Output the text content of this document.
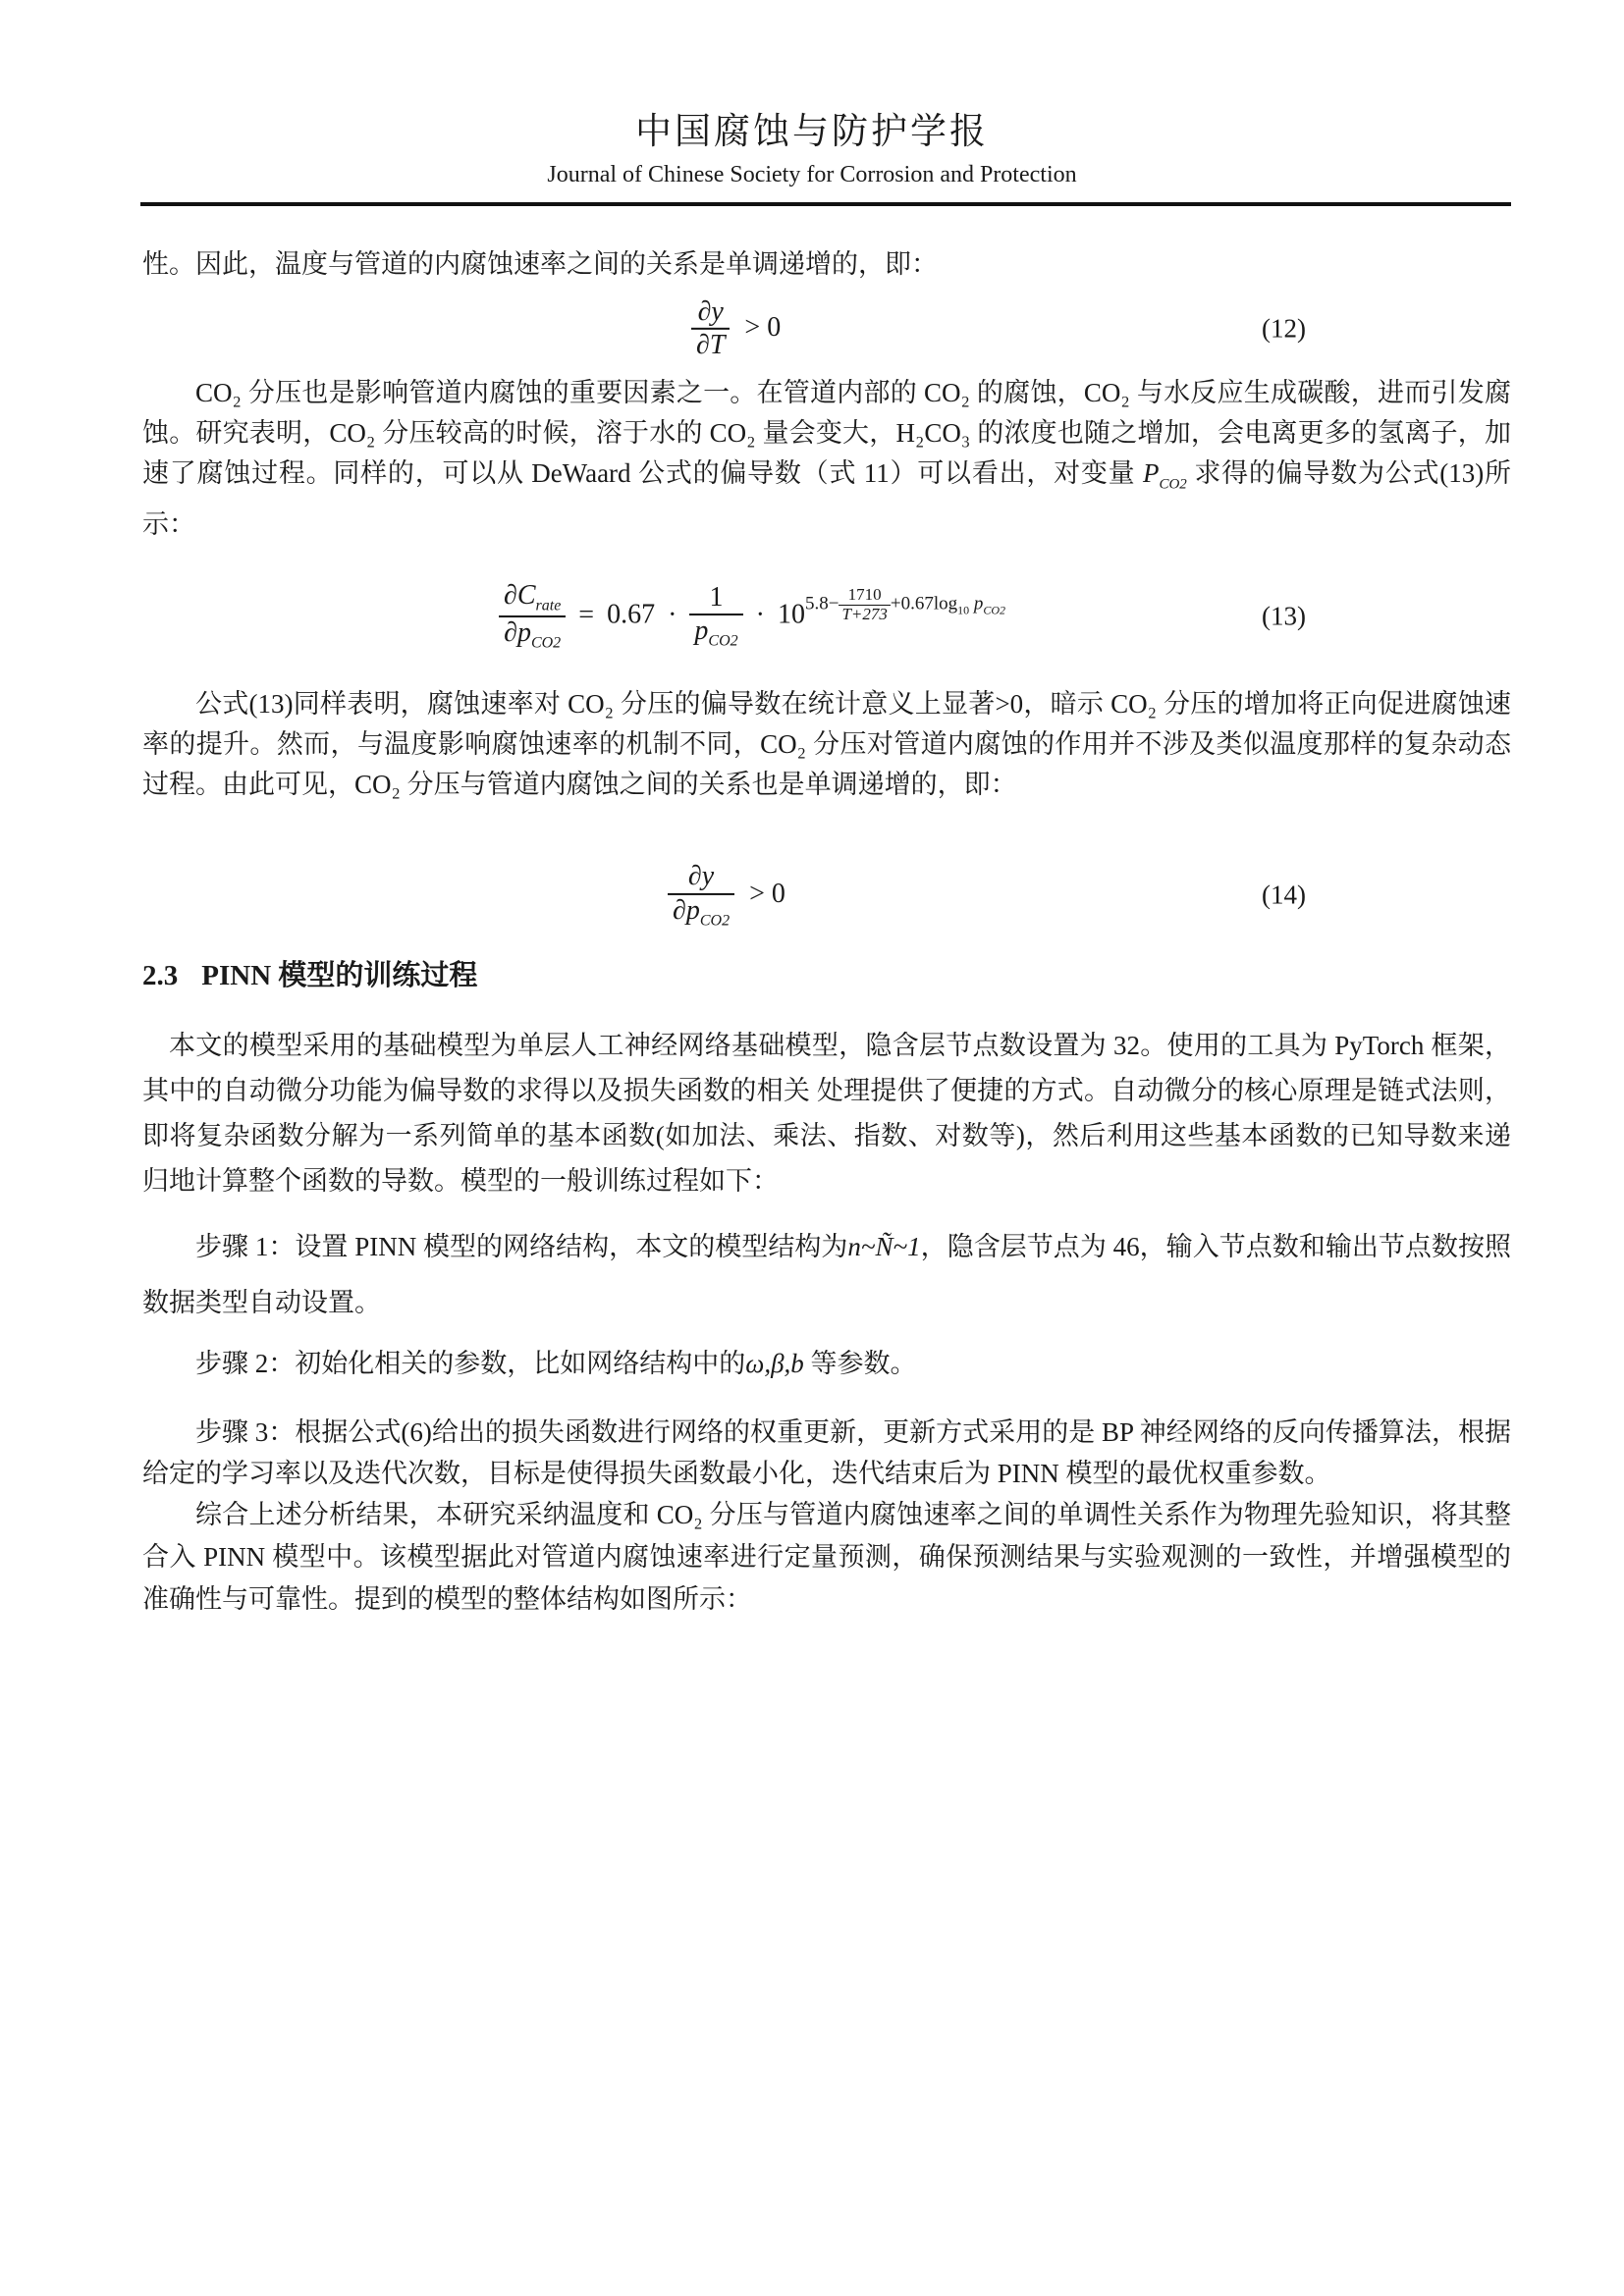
中国腐蚀与防护学报
Journal of Chinese Society for Corrosion and Protection

性。因此，温度与管道的内腐蚀速率之间的关系是单调递增的，即：

$\frac{\partial y}{\partial T} > 0$	(12)

CO₂ 分压也是影响管道内腐蚀的重要因素之一。在管道内部的 CO₂ 的腐蚀，CO₂ 与水反应生成碳酸，进而引发腐蚀。研究表明，CO₂ 分压较高的时候，溶于水的 CO₂ 量会变大，H₂CO₃ 的浓度也随之增加，会电离更多的氢离子，加速了腐蚀过程。同样的，可以从 DeWaard 公式的偏导数（式 11）可以看出，对变量 $P_{CO2}$ 求得的偏导数为公式(13)所示：

$\frac{\partial C_{rate}}{\partial p_{CO2}} = 0.67 \cdot \frac{1}{p_{CO2}} \cdot 105.8- \frac{1710}{T+273} +0.67\log_{10}$ $p_{CO2}$	(13)

公式(13)同样表明，腐蚀速率对 CO₂ 分压的偏导数在统计意义上显著>0，暗示 CO₂ 分压的增加将正向促进腐蚀速率的提升。然而，与温度影响腐蚀速率的机制不同，CO₂ 分压对管道内腐蚀的作用并不涉及类似温度那样的复杂动态过程。由此可见，CO₂ 分压与管道内腐蚀之间的关系也是单调递增的，即：

$\frac{\partial y}{\partial p_{CO2}} > 0$	(14)
2.3 PINN 模型的训练过程

本文的模型采用的基础模型为单层人工神经网络基础模型，隐含层节点数设置为 32。使用的工具为 PyTorch 框架，其中的自动微分功能为偏导数的求得以及损失函数的相关 处理提供了便捷的方式。自动微分的核心原理是链式法则，即将复杂函数分解为一系列简单的基本函数(如加法、乘法、指数、对数等)，然后利用这些基本函数的已知导数来递归地计算整个函数的导数。模型的一般训练过程如下：

步骤 1：设置 PINN 模型的网络结构，本文的模型结构为n~Ñ~1，隐含层节点为 46，输入节点数和输出节点数按照数据类型自动设置。

步骤 2：初始化相关的参数，比如网络结构中的ω,β,b 等参数。

步骤 3：根据公式(6)给出的损失函数进行网络的权重更新，更新方式采用的是 BP 神经网络的反向传播算法，根据给定的学习率以及迭代次数，目标是使得损失函数最小化，迭代结束后为 PINN 模型的最优权重参数。

综合上述分析结果，本研究采纳温度和 CO₂ 分压与管道内腐蚀速率之间的单调性关系作为物理先验知识，将其整合入 PINN 模型中。该模型据此对管道内腐蚀速率进行定量预测，确保预测结果与实验观测的一致性，并增强模型的准确性与可靠性。提到的模型的整体结构如图所示：
